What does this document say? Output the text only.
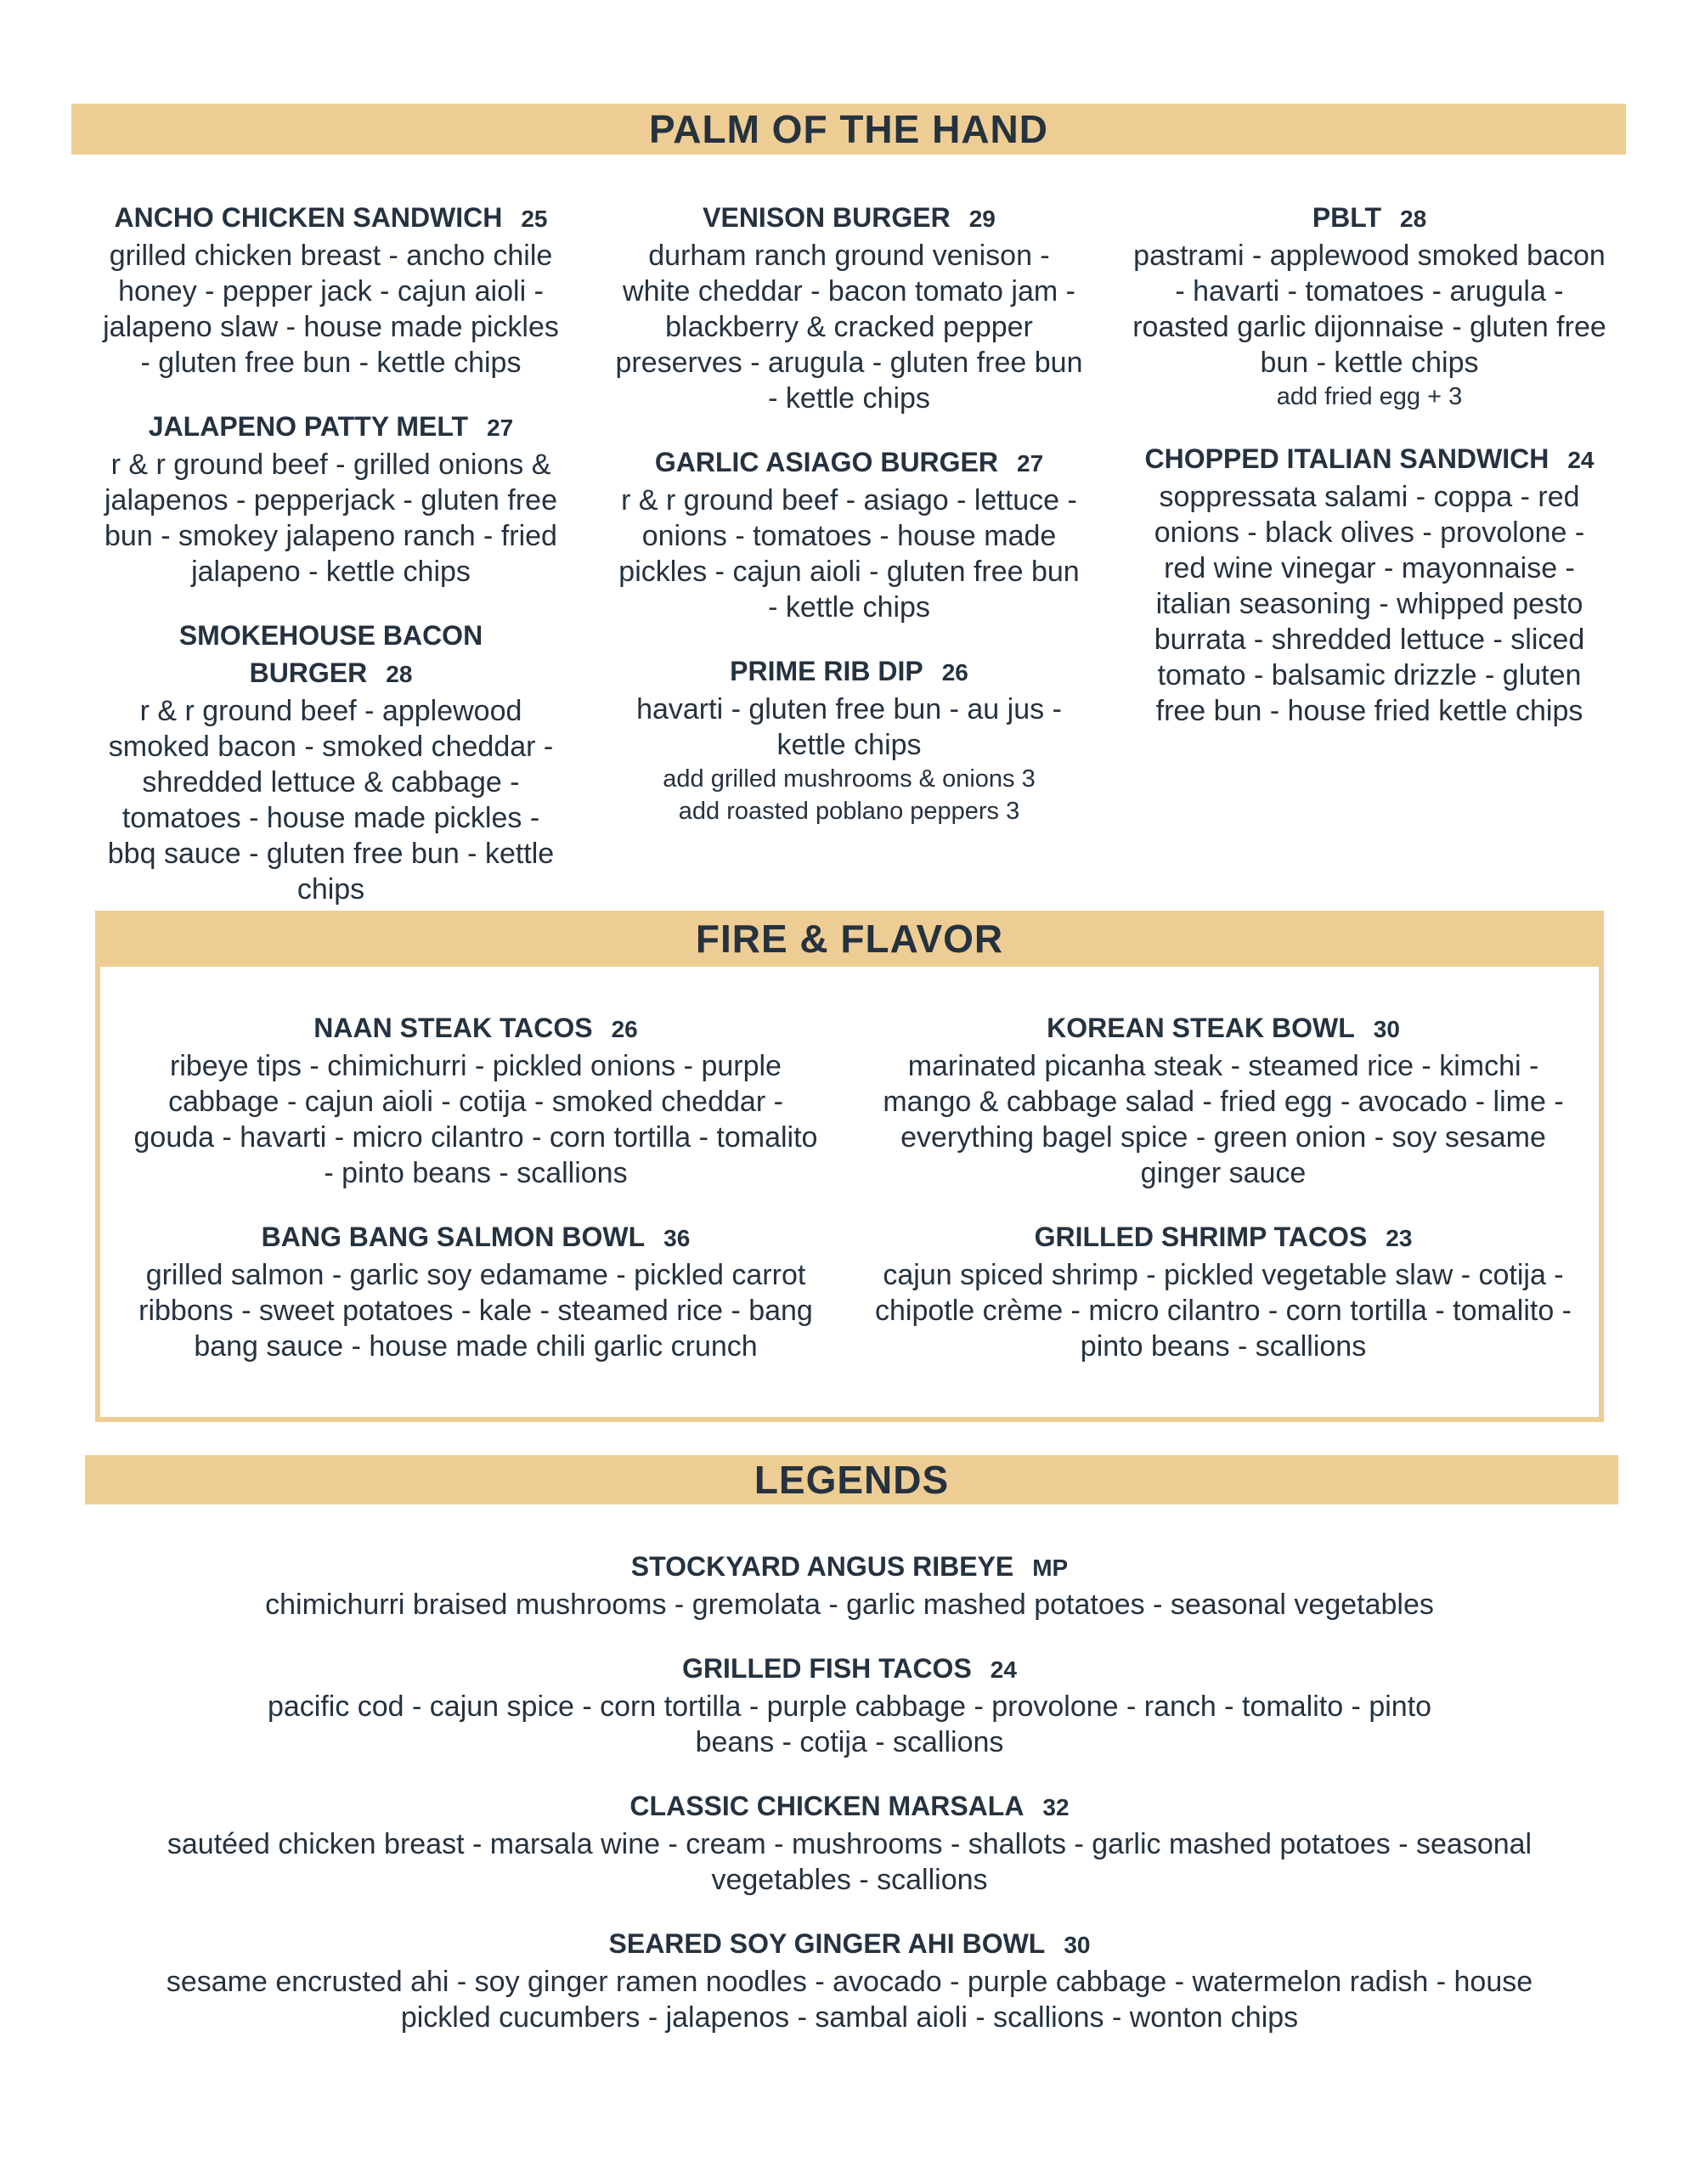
PALM OF THE HAND
ANCHO CHICKEN SANDWICH 25
grilled chicken breast - ancho chile honey - pepper jack - cajun aioli - jalapeno slaw - house made pickles - gluten free bun - kettle chips
JALAPENO PATTY MELT 27
r & r ground beef - grilled onions & jalapenos - pepperjack - gluten free bun - smokey jalapeno ranch - fried jalapeno - kettle chips
SMOKEHOUSE BACON BURGER 28
r & r ground beef - applewood smoked bacon - smoked cheddar - shredded lettuce & cabbage - tomatoes - house made pickles - bbq sauce - gluten free bun - kettle chips
VENISON BURGER 29
durham ranch ground venison - white cheddar - bacon tomato jam - blackberry & cracked pepper preserves - arugula - gluten free bun - kettle chips
GARLIC ASIAGO BURGER 27
r & r ground beef - asiago - lettuce - onions - tomatoes - house made pickles - cajun aioli - gluten free bun - kettle chips
PRIME RIB DIP 26
havarti - gluten free bun - au jus - kettle chips
add grilled mushrooms & onions 3
add roasted poblano peppers 3
PBLT 28
pastrami - applewood smoked bacon - havarti - tomatoes - arugula - roasted garlic dijonnaise - gluten free bun - kettle chips
add fried egg + 3
CHOPPED ITALIAN SANDWICH 24
soppressata salami - coppa - red onions - black olives - provolone - red wine vinegar - mayonnaise - italian seasoning - whipped pesto burrata - shredded lettuce - sliced tomato - balsamic drizzle - gluten free bun - house fried kettle chips
FIRE & FLAVOR
NAAN STEAK TACOS 26
ribeye tips - chimichurri - pickled onions - purple cabbage - cajun aioli - cotija - smoked cheddar - gouda - havarti - micro cilantro - corn tortilla - tomalito - pinto beans - scallions
BANG BANG SALMON BOWL 36
grilled salmon - garlic soy edamame - pickled carrot ribbons - sweet potatoes - kale - steamed rice - bang bang sauce - house made chili garlic crunch
KOREAN STEAK BOWL 30
marinated picanha steak - steamed rice - kimchi - mango & cabbage salad - fried egg - avocado - lime - everything bagel spice - green onion - soy sesame ginger sauce
GRILLED SHRIMP TACOS 23
cajun spiced shrimp - pickled vegetable slaw - cotija - chipotle crème - micro cilantro - corn tortilla - tomalito - pinto beans - scallions
LEGENDS
STOCKYARD ANGUS RIBEYE MP
chimichurri braised mushrooms - gremolata - garlic mashed potatoes - seasonal vegetables
GRILLED FISH TACOS 24
pacific cod - cajun spice - corn tortilla - purple cabbage - provolone - ranch - tomalito - pinto beans - cotija - scallions
CLASSIC CHICKEN MARSALA 32
sautéed chicken breast - marsala wine - cream - mushrooms - shallots - garlic mashed potatoes - seasonal vegetables - scallions
SEARED SOY GINGER AHI BOWL 30
sesame encrusted ahi - soy ginger ramen noodles - avocado - purple cabbage - watermelon radish - house pickled cucumbers - jalapenos - sambal aioli - scallions - wonton chips
